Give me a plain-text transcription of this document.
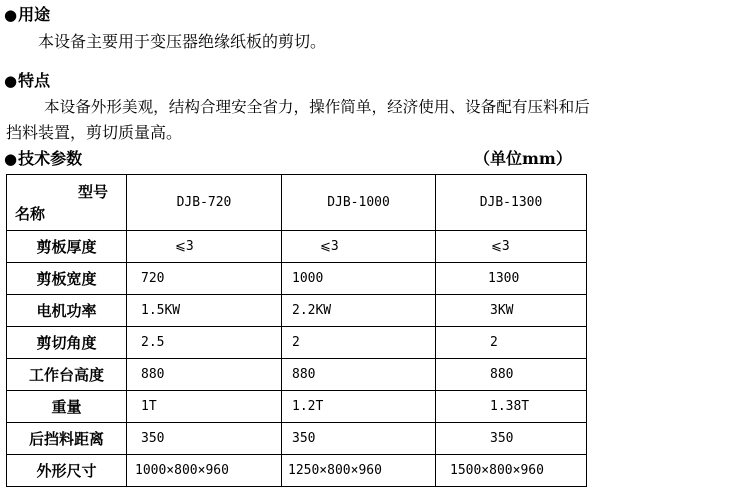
●用途
本设备主要用于变压器绝缘纸板的剪切。
●特点
本设备外形美观，结构合理安全省力，操作简单，经济使用、设备配有压料和后
挡料装置，剪切质量高。
●技术参数	（单位mm）
型号
名称	DJB-720	DJB-1000	DJB-1300
剪板厚度	⩽3	⩽3	⩽3
剪板宽度	720	1000	1300
电机功率	1.5KW	2.2KW	3KW
剪切角度	2.5	2	2
工作台高度	880	880	880
重量	1T	1.2T	1.38T
后挡料距离	350	350	350
外形尺寸	1000×800×960	1250×800×960	1500×800×960
